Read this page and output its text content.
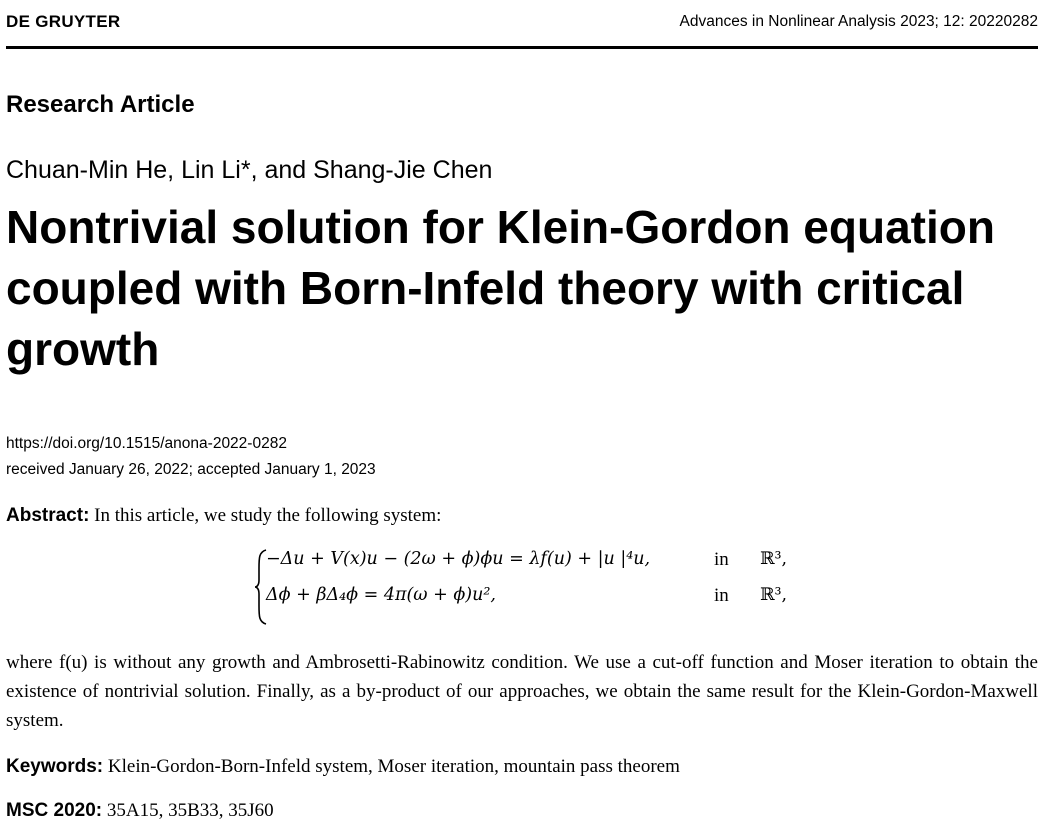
DE GRUYTER	Advances in Nonlinear Analysis 2023; 12: 20220282
Research Article
Chuan-Min He, Lin Li*, and Shang-Jie Chen
Nontrivial solution for Klein-Gordon equation coupled with Born-Infeld theory with critical growth
https://doi.org/10.1515/anona-2022-0282
received January 26, 2022; accepted January 1, 2023
Abstract: In this article, we study the following system:
−Δu + V(x)u − (2ω + ϕ)ϕu = λf(u) + |u |⁴u,	in ℝ³,
Δϕ + βΔ₄ϕ = 4π(ω + ϕ)u²,	in ℝ³,
where f(u) is without any growth and Ambrosetti-Rabinowitz condition. We use a cut-off function and Moser iteration to obtain the existence of nontrivial solution. Finally, as a by-product of our approaches, we obtain the same result for the Klein-Gordon-Maxwell system.
Keywords: Klein-Gordon-Born-Infeld system, Moser iteration, mountain pass theorem
MSC 2020: 35A15, 35B33, 35J60
